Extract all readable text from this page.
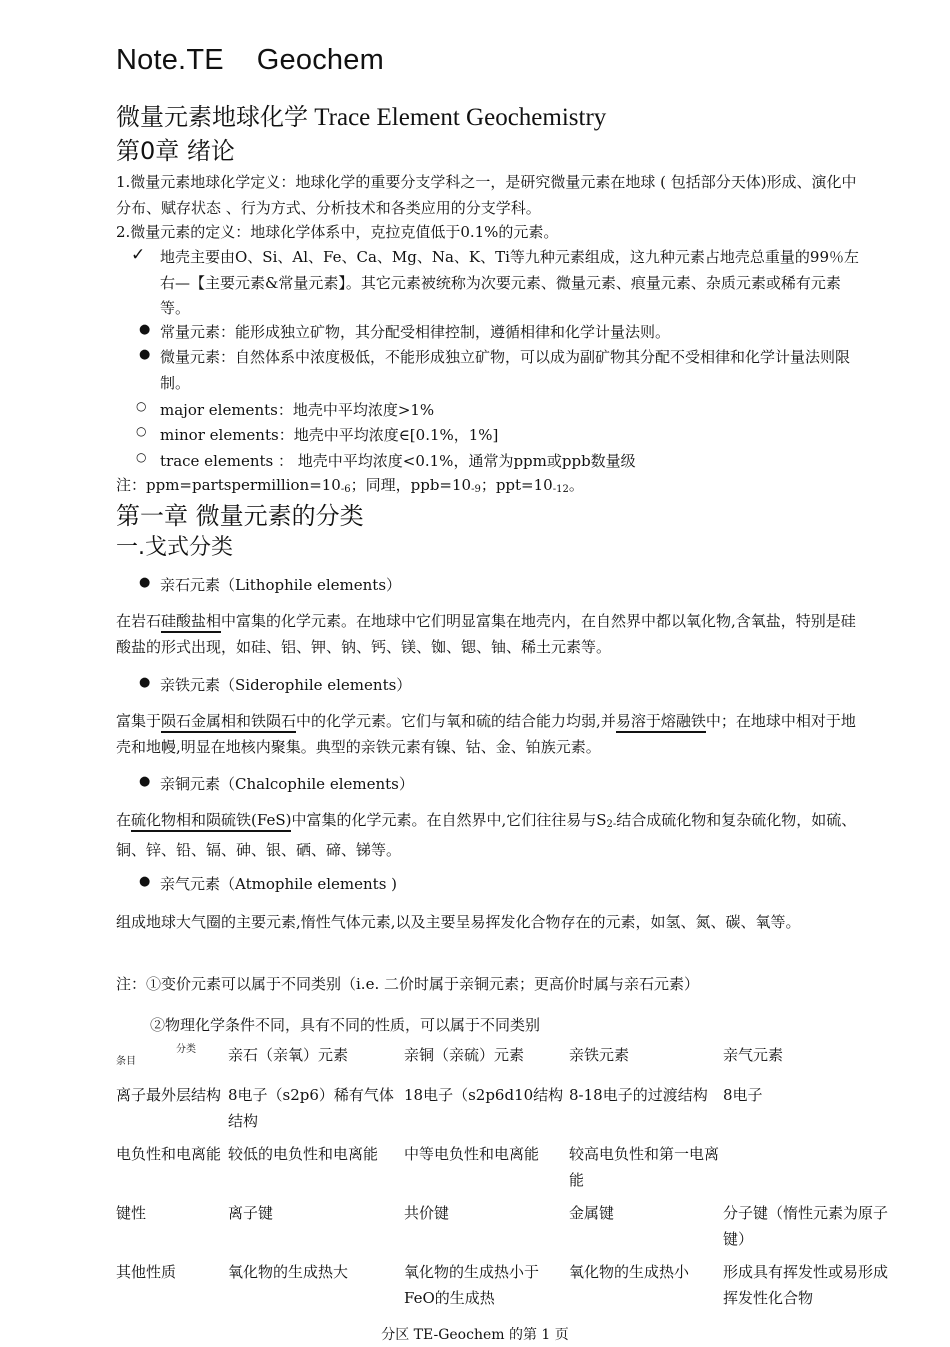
Note.TE    Geochem
微量元素地球化学 Trace Element Geochemistry
第0章 绪论
1.微量元素地球化学定义：地球化学的重要分支学科之一，是研究微量元素在地球 ( 包括部分天体)形成、演化中分布、赋存状态 、行为方式、分析技术和各类应用的分支学科。
2.微量元素的定义：地球化学体系中，克拉克值低于0.1%的元素。
✓ 地壳主要由O、Si、Al、Fe、Ca、Mg、Na、K、Ti等九种元素组成，这九种元素占地壳总重量的99％左右—【主要元素&常量元素】。其它元素被统称为次要元素、微量元素、痕量元素、杂质元素或稀有元素等。
● 常量元素：能形成独立矿物，其分配受相律控制，遵循相律和化学计量法则。
● 微量元素：自然体系中浓度极低，不能形成独立矿物，可以成为副矿物其分配不受相律和化学计量法则限制。
○ major elements：地壳中平均浓度>1%
○ minor elements：地壳中平均浓度∈[0.1%，1%]
○ trace elements ： 地壳中平均浓度<0.1%，通常为ppm或ppb数量级
注：$ppm=partspermillion=10_{-6}$；同理，$ppb=10_{-9}$；$ppt=10_{-12}$。
第一章 微量元素的分类
一.戈式分类
● 亲石元素（Lithophile elements）
在岩石硅酸盐相中富集的化学元素。在地球中它们明显富集在地壳内，在自然界中都以氧化物,含氧盐，特别是硅酸盐的形式出现，如硅、铝、钾、钠、钙、镁、铷、锶、铀、稀土元素等。
● 亲铁元素（Siderophile elements）
富集于陨石金属相和铁陨石中的化学元素。它们与氧和硫的结合能力均弱,并易溶于熔融铁中；在地球中相对于地壳和地幔,明显在地核内聚集。典型的亲铁元素有镍、钴、金、铂族元素。
● 亲铜元素（Chalcophile elements）
在硫化物相和陨硫铁(FeS)中富集的化学元素。在自然界中,它们往往易与$S_{2-}$结合成硫化物和复杂硫化物，如硫、铜、锌、铅、镉、砷、银、硒、碲、锑等。
● 亲气元素（Atmophile elements )
组成地球大气圈的主要元素,惰性气体元素,以及主要呈易挥发化合物存在的元素，如氢、氮、碳、氧等。
注：①变价元素可以属于不同类别（i.e. 二价时属于亲铜元素；更高价时属与亲石元素）
②物理化学条件不同，具有不同的性质，可以属于不同类别
分类
条目	亲石（亲氧）元素	亲铜（亲硫）元素	亲铁元素	亲气元素
离子最外层结构	8电子（s2p6）稀有气体结构	18电子（s2p6d10结构	8-18电子的过渡结构	8电子
电负性和电离能	较低的电负性和电离能	中等电负性和电离能	较高电负性和第一电离能	
键性	离子键	共价键	金属键	分子键（惰性元素为原子键）
其他性质	氧化物的生成热大	氧化物的生成热小于FeO的生成热	氧化物的生成热小	形成具有挥发性或易形成挥发性化合物
分区 TE-Geochem 的第 1 页
